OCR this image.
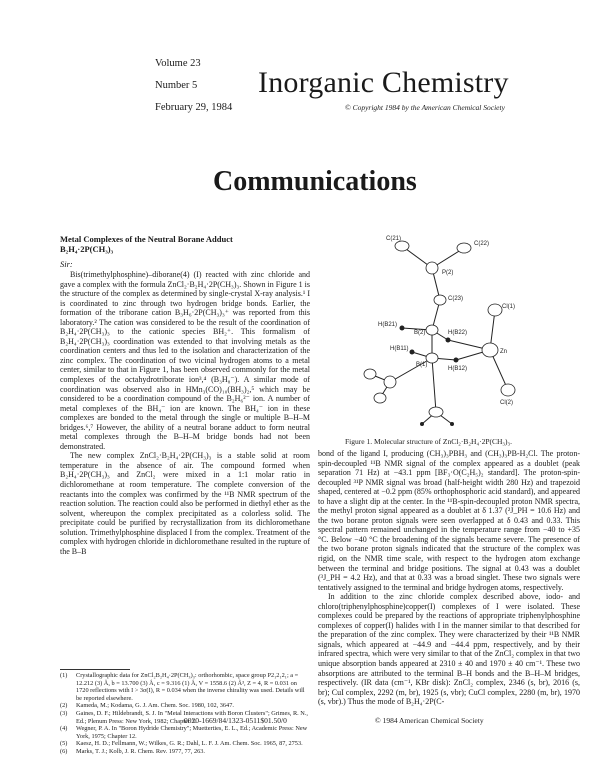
Volume 23
Number 5
February 29, 1984
Inorganic Chemistry
© Copyright 1984 by the American Chemical Society
Communications
Metal Complexes of the Neutral Borane Adduct
B₂H₄·2P(CH₃)₃
Sir:

Bis(trimethylphosphine)–diborane(4) (I) reacted with zinc chloride and gave a complex with the formula ZnCl₂·B₂H₄·2P(CH₃)₃. Shown in Figure 1 is the structure of the complex as determined by single-crystal X-ray analysis.¹ I is coordinated to zinc through two hydrogen bridge bonds. Earlier, the formation of the triborane cation B₃H₆·2P(CH₃)₃⁺ was reported from this laboratory.² The cation was considered to be the result of the coordination of B₂H₄·2P(CH₃)₃ to the cationic species BH₂⁺. This formalism of B₂H₄·2P(CH₃)₃ coordination was extended to that involving metals as the coordination centers and thus led to the isolation and characterization of the zinc complex. The coordination of two vicinal hydrogen atoms to a metal center, similar to that in Figure 1, has been observed commonly for the metal complexes of the octahydrotriborate ion³,⁴ (B₃H₈⁻). A similar mode of coordination was observed also in HMn₃(CO)₁₀(BH₃)₂,⁵ which may be considered to be a coordination compound of the B₂H₆²⁻ ion. A number of metal complexes of the BH₄⁻ ion are known. The BH₄⁻ ion in these complexes are bonded to the metal through the single or multiple B–H–M bridges.⁶,⁷ However, the ability of a neutral borane adduct to form neutral metal complexes through the B–H–M bridge bonds had not been demonstrated.

The new complex ZnCl₂·B₂H₄·2P(CH₃)₃ is a stable solid at room temperature in the absence of air. The compound formed when B₂H₄·2P(CH₃)₃ and ZnCl₂ were mixed in a 1:1 molar ratio in dichloromethane at room temperature. The complete conversion of the reactants into the complex was confirmed by the ¹¹B NMR spectrum of the reaction solution. The reaction could also be performed in diethyl ether as the solvent, whereupon the complex precipitated as a colorless solid. The precipitate could be purified by recrystallization from its dichloromethane solution. Trimethylphosphine displaced I from the complex. Treatment of the complex with hydrogen chloride in dichloromethane resulted in the rupture of the B–B

C(21)
C(22)
P(2)
C(23)
H(B21)
H(B22)
B(2)
H(B11)
H(B12)
B(1)
Cl(1)
Cl(2)
Zn
Figure 1. Molecular structure of ZnCl₂·B₂H₄·2P(CH₃)₃.

bond of the ligand I, producing (CH₃)₃PBH₃ and (CH₃)₃PB-H₂Cl. The proton-spin-decoupled ¹¹B NMR signal of the complex appeared as a doublet (peak separation 71 Hz) at −43.1 ppm [BF₃·O(C₂H₅)₂ standard]. The proton-spin-decoupled ³¹P NMR signal was broad (half-height width 280 Hz) and trapezoid shaped, centered at −0.2 ppm (85% orthophosphoric acid standard), and appeared to have a slight dip at the center. In the ¹¹B-spin-decoupled proton NMR spectra, the methyl proton signal appeared as a doublet at δ 1.37 (²J_PH = 10.6 Hz) and the two borane proton signals were seen overlapped at δ 0.43 and 0.33. This spectral pattern remained unchanged in the temperature range from −40 to +35 °C. Below −40 °C the broadening of the signals became severe. The presence of the two borane proton signals indicated that the structure of the complex was rigid, on the NMR time scale, with respect to the hydrogen atom exchange between the terminal and bridge positions. The signal at 0.43 was a doublet (³J_PH = 4.2 Hz), and that at 0.33 was a broad singlet. These two signals were tentatively assigned to the terminal and bridge hydrogen atoms, respectively.

In addition to the zinc chloride complex described above, iodo- and chloro(triphenylphosphine)copper(I) complexes of I were isolated. These complexes could be prepared by the reactions of appropriate triphenylphosphine complexes of copper(I) halides with I in the manner similar to that described for the preparation of the zinc complex. They were characterized by their ¹¹B NMR signals, which appeared at −44.9 and −44.4 ppm, respectively, and by their infrared spectra, which were very similar to that of the ZnCl₂ complex in that two unique absorption bands appeared at 2310 ± 40 and 1970 ± 40 cm⁻¹. These two absorptions are attributed to the terminal B–H bonds and the B–H–M bridges, respectively. (IR data (cm⁻¹, KBr disk): ZnCl₂ complex, 2346 (s, br), 2016 (s, br); CuI complex, 2292 (m, br), 1925 (s, vbr); CuCl complex, 2280 (m, br), 1970 (s, vbr).) Thus the mode of B₂H₄·2P(C-

(1)	Crystallographic data for ZnCl₂B₂H₄·2P(CH₃)₃: orthorhombic, space group P2₁2₁2₁; a = 12.212 (3) Å, b = 13.700 (3) Å, c = 9.316 (1) Å, V = 1558.6 (2) Å³, Z = 4, R = 0.031 on 1720 reflections with I > 3σ(I), R = 0.034 when the inverse chirality was used. Details will be reported elsewhere.
(2)	Kameda, M.; Kodama, G. J. Am. Chem. Soc. 1980, 102, 3647.
(3)	Gaines, D. F.; Hildebrandt, S. J. In "Metal Interactions with Boron Clusters"; Grimes, R. N., Ed.; Plenum Press: New York, 1982; Chapter 3.
(4)	Wegner, P. A. In "Boron Hydride Chemistry"; Muetterties, E. L., Ed.; Academic Press: New York, 1975; Chapter 12.
(5)	Kaesz, H. D.; Fellmann, W.; Wilkes, G. R.; Dahl, L. F. J. Am. Chem. Soc. 1965, 87, 2753.
(6)	Marks, T. J.; Kolb, J. R. Chem. Rev. 1977, 77, 263.
0020-1669/84/1323-0511$01.50/0	© 1984 American Chemical Society
